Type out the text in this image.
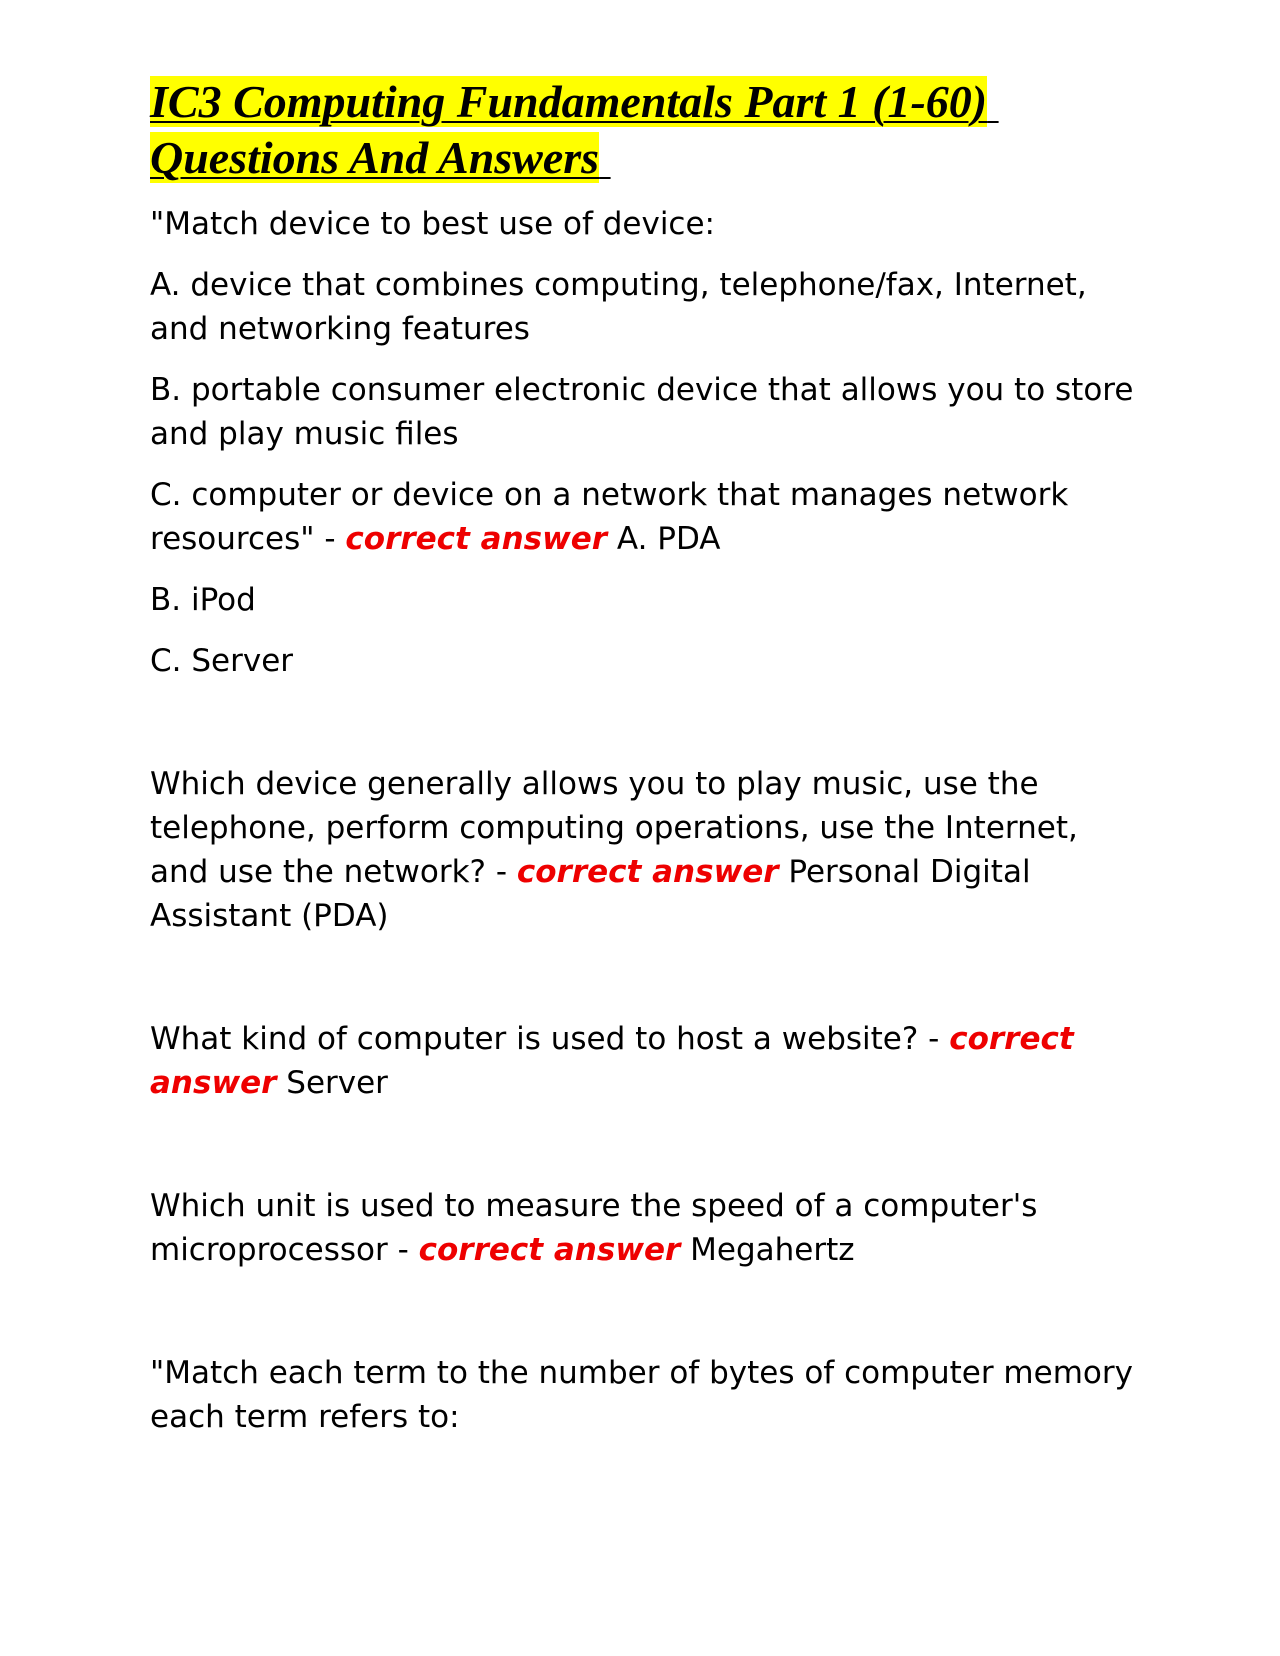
IC3 Computing Fundamentals Part 1 (1-60)
Questions And Answers
"Match device to best use of device:
A. device that combines computing, telephone/fax, Internet, and networking features
B. portable consumer electronic device that allows you to store and play music files
C. computer or device on a network that manages network resources" - correct answer A. PDA
B. iPod
C. Server
Which device generally allows you to play music, use the telephone, perform computing operations, use the Internet, and use the network? - correct answer Personal Digital Assistant (PDA)
What kind of computer is used to host a website? - correct answer Server
Which unit is used to measure the speed of a computer's microprocessor - correct answer Megahertz
"Match each term to the number of bytes of computer memory each term refers to:
